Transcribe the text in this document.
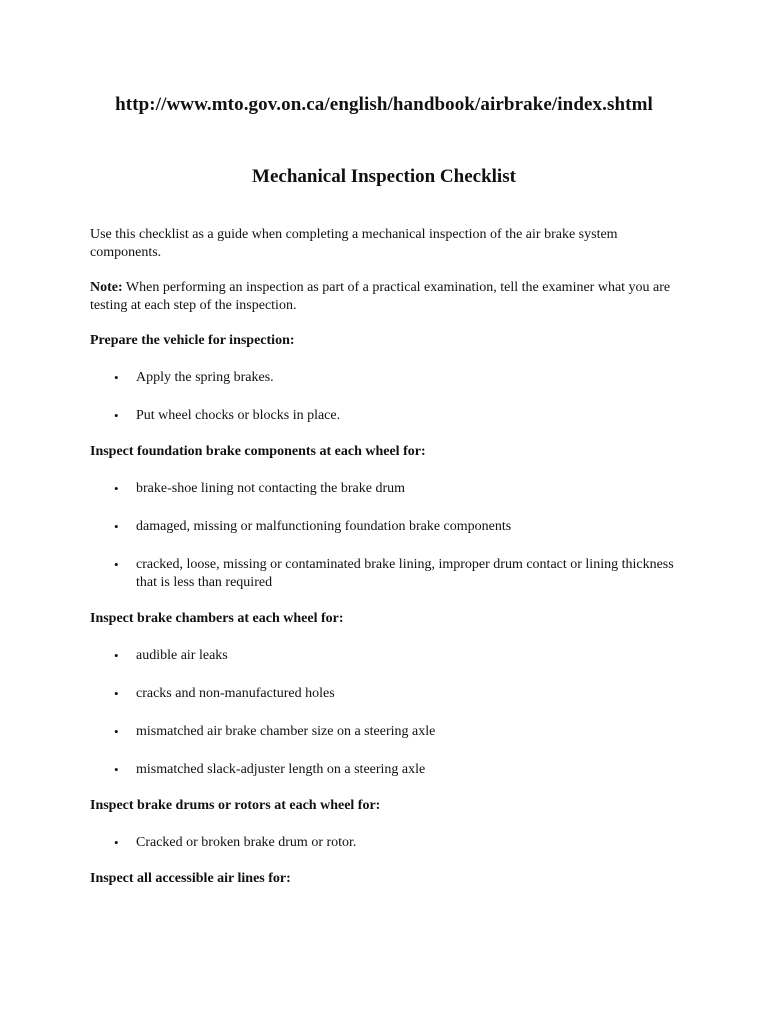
http://www.mto.gov.on.ca/english/handbook/airbrake/index.shtml
Mechanical Inspection Checklist

Use this checklist as a guide when completing a mechanical inspection of the air brake system components.

Note: When performing an inspection as part of a practical examination, tell the examiner what you are testing at each step of the inspection.

Prepare the vehicle for inspection:

• Apply the spring brakes.
• Put wheel chocks or blocks in place.

Inspect foundation brake components at each wheel for:

• brake-shoe lining not contacting the brake drum
• damaged, missing or malfunctioning foundation brake components
• cracked, loose, missing or contaminated brake lining, improper drum contact or lining thickness that is less than required

Inspect brake chambers at each wheel for:

• audible air leaks
• cracks and non-manufactured holes
• mismatched air brake chamber size on a steering axle
• mismatched slack-adjuster length on a steering axle

Inspect brake drums or rotors at each wheel for:

• Cracked or broken brake drum or rotor.

Inspect all accessible air lines for:
